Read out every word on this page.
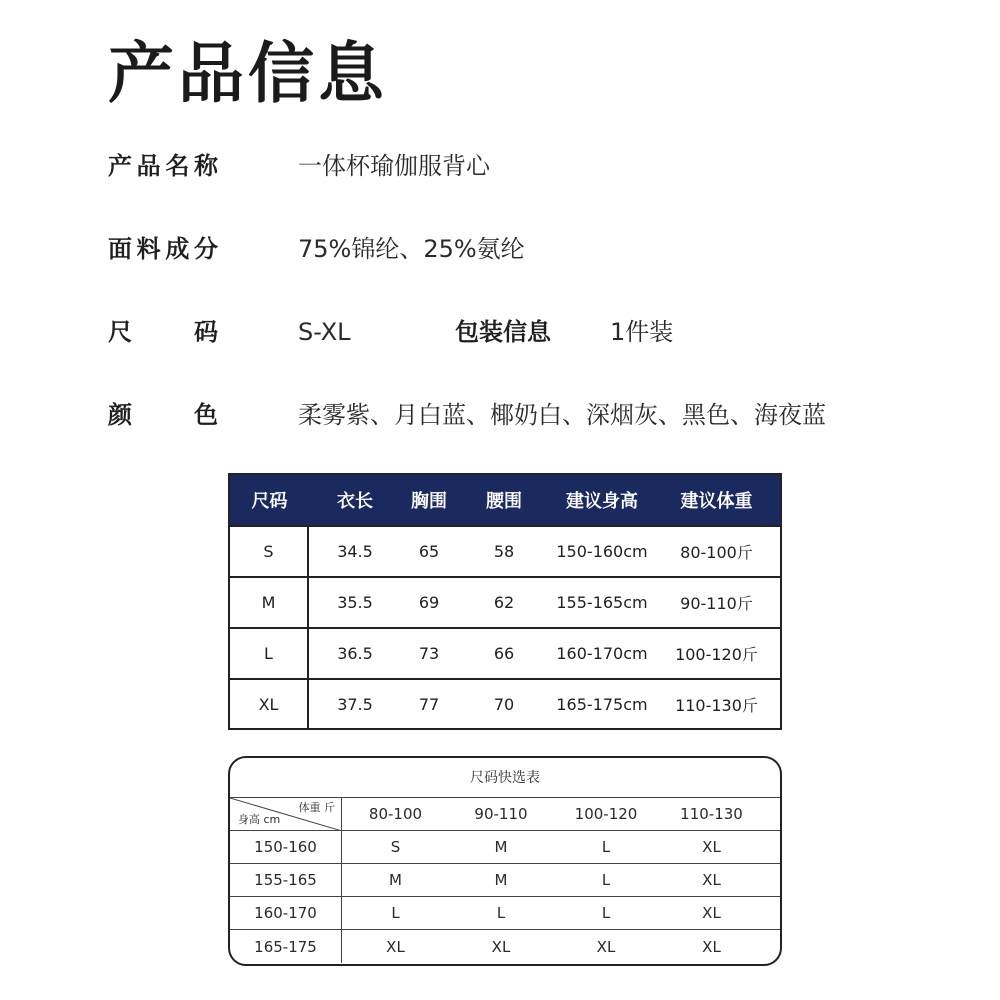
产品信息
产 品 名 称	一体杯瑜伽服背心
面 料 成 分	75%锦纶、25%氨纶
尺	码	S-XL	包装信息 1件装
颜	色	柔雾紫、月白蓝、椰奶白、深烟灰、黑色、海夜蓝
尺码	衣长	胸围	腰围	建议身高	建议体重
S	34.5	65	58	150-160cm	80-100斤
M	35.5	69	62	155-165cm	90-110斤
L	36.5	73	66	160-170cm	100-120斤
XL	37.5	77	70	165-175cm	110-130斤
尺码快选表
体重 斤
身高 cm	80-100	90-110	100-120	110-130
150-160	S	M	L	XL
155-165	M	M	L	XL
160-170	L	L	L	XL
165-175	XL	XL	XL	XL
